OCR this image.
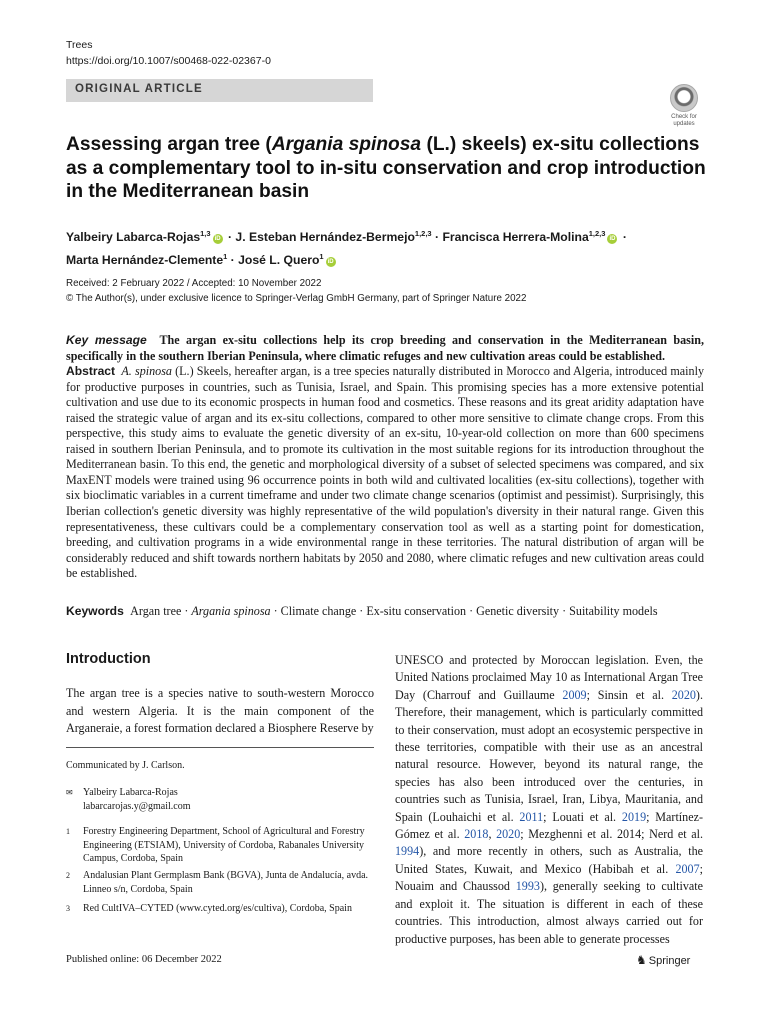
Trees
https://doi.org/10.1007/s00468-022-02367-0
ORIGINAL ARTICLE
Check for updates
Assessing argan tree (Argania spinosa (L.) skeels) ex-situ collections as a complementary tool to in-situ conservation and crop introduction in the Mediterranean basin
Yalbeiry Labarca-Rojas$^{1,3}$iD · J. Esteban Hernández-Bermejo$^{1,2,3}$ · Francisca Herrera-Molina$^{1,2,3}$iD ·
Marta Hernández-Clemente$^1$ · José L. Quero$^1$iD
Received: 2 February 2022 / Accepted: 10 November 2022
© The Author(s), under exclusive licence to Springer-Verlag GmbH Germany, part of Springer Nature 2022

Key message The argan ex-situ collections help its crop breeding and conservation in the Mediterranean basin, specifically in the southern Iberian Peninsula, where climatic refuges and new cultivation areas could be established.

Abstract A. spinosa (L.) Skeels, hereafter argan, is a tree species naturally distributed in Morocco and Algeria, introduced mainly for productive purposes in countries, such as Tunisia, Israel, and Spain. This promising species has a more extensive potential cultivation and use due to its economic prospects in human food and cosmetics. These reasons and its great aridity adaptation have raised the strategic value of argan and its ex-situ collections, compared to other more sensitive to climate change crops. From this perspective, this study aims to evaluate the genetic diversity of an ex-situ, 10-year-old collection on more than 600 specimens raised in southern Iberian Peninsula, and to promote its cultivation in the most suitable regions for its introduction throughout the Mediterranean basin. To this end, the genetic and morphological diversity of a subset of selected specimens was compared, and six MaxENT models were trained using 96 occurrence points in both wild and cultivated localities (ex-situ collections), together with six bioclimatic variables in a current timeframe and under two climate change scenarios (optimist and pessimist). Surprisingly, this Iberian collection's genetic diversity was highly representative of the wild population's diversity in their natural range. Given this representativeness, these cultivars could be a complementary conservation tool as well as a starting point for domestication, breeding, and cultivation programs in a wide environmental range in these territories. The natural distribution of argan will be considerably reduced and shift towards northern habitats by 2050 and 2080, where climatic refuges and new cultivation areas could be established.

Keywords Argan tree · Argania spinosa · Climate change · Ex-situ conservation · Genetic diversity · Suitability models
Introduction

The argan tree is a species native to south-western Morocco and western Algeria. It is the main component of the Arganeraie, a forest formation declared a Biosphere Reserve by

Communicated by J. Carlson.
✉ Yalbeiry Labarca-Rojas
labarcarojas.y@gmail.com
1 Forestry Engineering Department, School of Agricultural and Forestry Engineering (ETSIAM), University of Cordoba, Rabanales University Campus, Cordoba, Spain
2 Andalusian Plant Germplasm Bank (BGVA), Junta de Andalucía, avda. Linneo s/n, Cordoba, Spain
3 Red CultIVA–CYTED (www.cyted.org/es/cultiva), Cordoba, Spain

UNESCO and protected by Moroccan legislation. Even, the United Nations proclaimed May 10 as International Argan Tree Day (Charrouf and Guillaume 2009; Sinsin et al. 2020). Therefore, their management, which is particularly committed to their conservation, must adopt an ecosystemic perspective in these territories, compatible with their use as an ancestral natural resource. However, beyond its natural range, the species has also been introduced over the centuries, in countries such as Tunisia, Israel, Iran, Libya, Mauritania, and Spain (Louhaichi et al. 2011; Louati et al. 2019; Martínez-Gómez et al. 2018, 2020; Mezghenni et al. 2014; Nerd et al. 1994), and more recently in others, such as Australia, the United States, Kuwait, and Mexico (Habibah et al. 2007; Nouaim and Chaussod 1993), generally seeking to cultivate and exploit it. The situation is different in each of these countries. This introduction, almost always carried out for productive purposes, has been able to generate processes

Published online: 06 December 2022	♞ Springer
